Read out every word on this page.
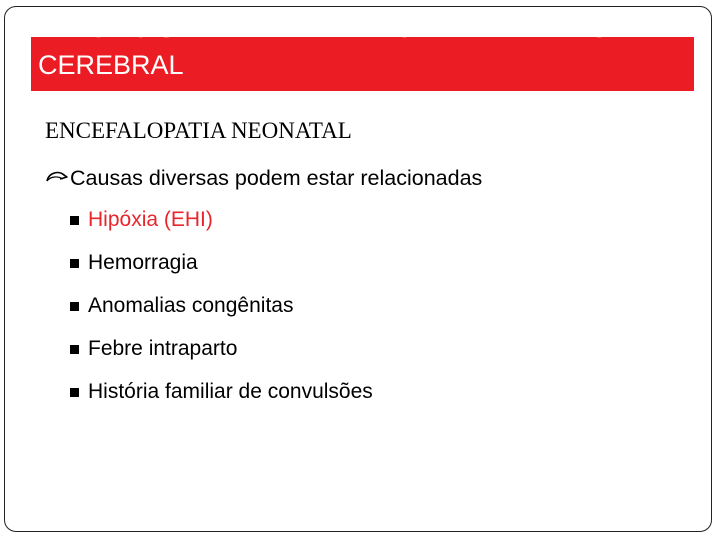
ETIOLOGIA INTRAPARTO DA PARALISIA
CEREBRAL
ENCEFALOPATIA NEONATAL
Causas diversas podem estar relacionadas
Hipóxia (EHI)
Hemorragia
Anomalias congênitas
Febre intraparto
História familiar de convulsões
